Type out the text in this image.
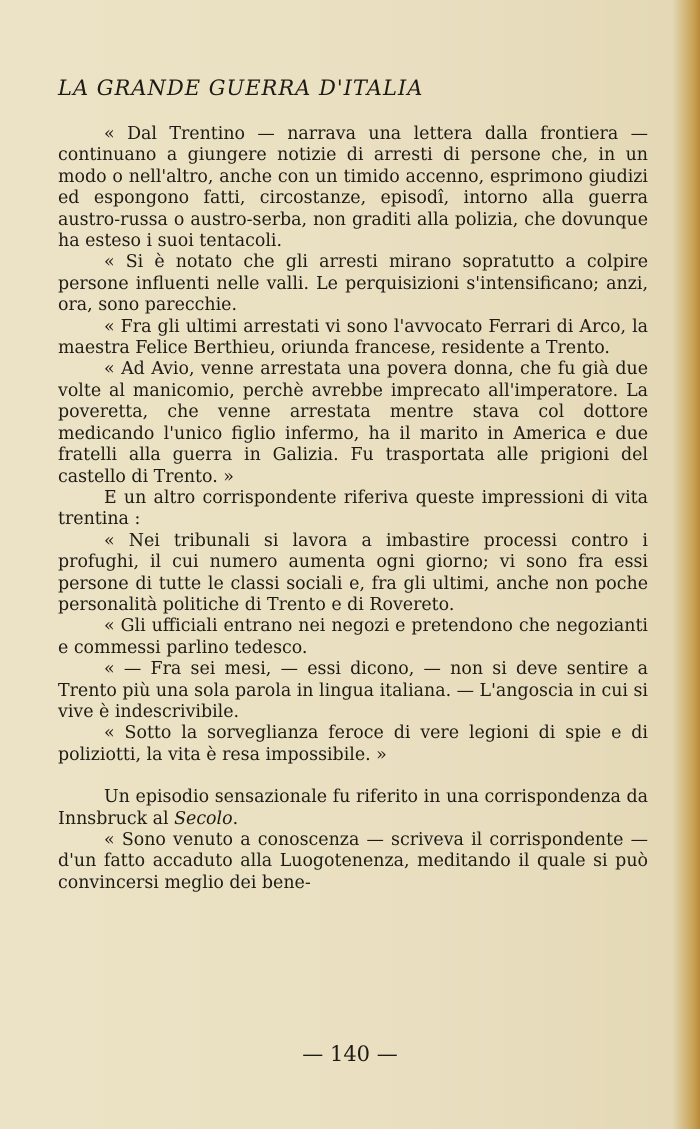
LA GRANDE GUERRA D'ITALIA

« Dal Trentino — narrava una lettera dalla frontiera — continuano a giungere notizie di arresti di persone che, in un modo o nell'altro, anche con un timido accenno, esprimono giudizi ed espongono fatti, circostanze, episodî, intorno alla guerra austro-russa o austro-serba, non graditi alla polizia, che dovunque ha esteso i suoi tentacoli.

« Si è notato che gli arresti mirano sopratutto a colpire persone influenti nelle valli. Le perquisizioni s'intensificano; anzi, ora, sono parecchie.

« Fra gli ultimi arrestati vi sono l'avvocato Ferrari di Arco, la maestra Felice Berthieu, oriunda francese, residente a Trento.

« Ad Avio, venne arrestata una povera donna, che fu già due volte al manicomio, perchè avrebbe imprecato all'imperatore. La poveretta, che venne arrestata mentre stava col dottore medicando l'unico figlio infermo, ha il marito in America e due fratelli alla guerra in Galizia. Fu trasportata alle prigioni del castello di Trento. »

E un altro corrispondente riferiva queste impressioni di vita trentina :

« Nei tribunali si lavora a imbastire processi contro i profughi, il cui numero aumenta ogni giorno; vi sono fra essi persone di tutte le classi sociali e, fra gli ultimi, anche non poche personalità politiche di Trento e di Rovereto.

« Gli ufficiali entrano nei negozi e pretendono che negozianti e commessi parlino tedesco.

« — Fra sei mesi, — essi dicono, — non si deve sentire a Trento più una sola parola in lingua italiana. — L'angoscia in cui si vive è indescrivibile.

« Sotto la sorveglianza feroce di vere legioni di spie e di poliziotti, la vita è resa impossibile. »

Un episodio sensazionale fu riferito in una corrispondenza da Innsbruck al Secolo.

« Sono venuto a conoscenza — scriveva il corrispondente — d'un fatto accaduto alla Luogotenenza, meditando il quale si può convincersi meglio dei bene-

— 140 —
